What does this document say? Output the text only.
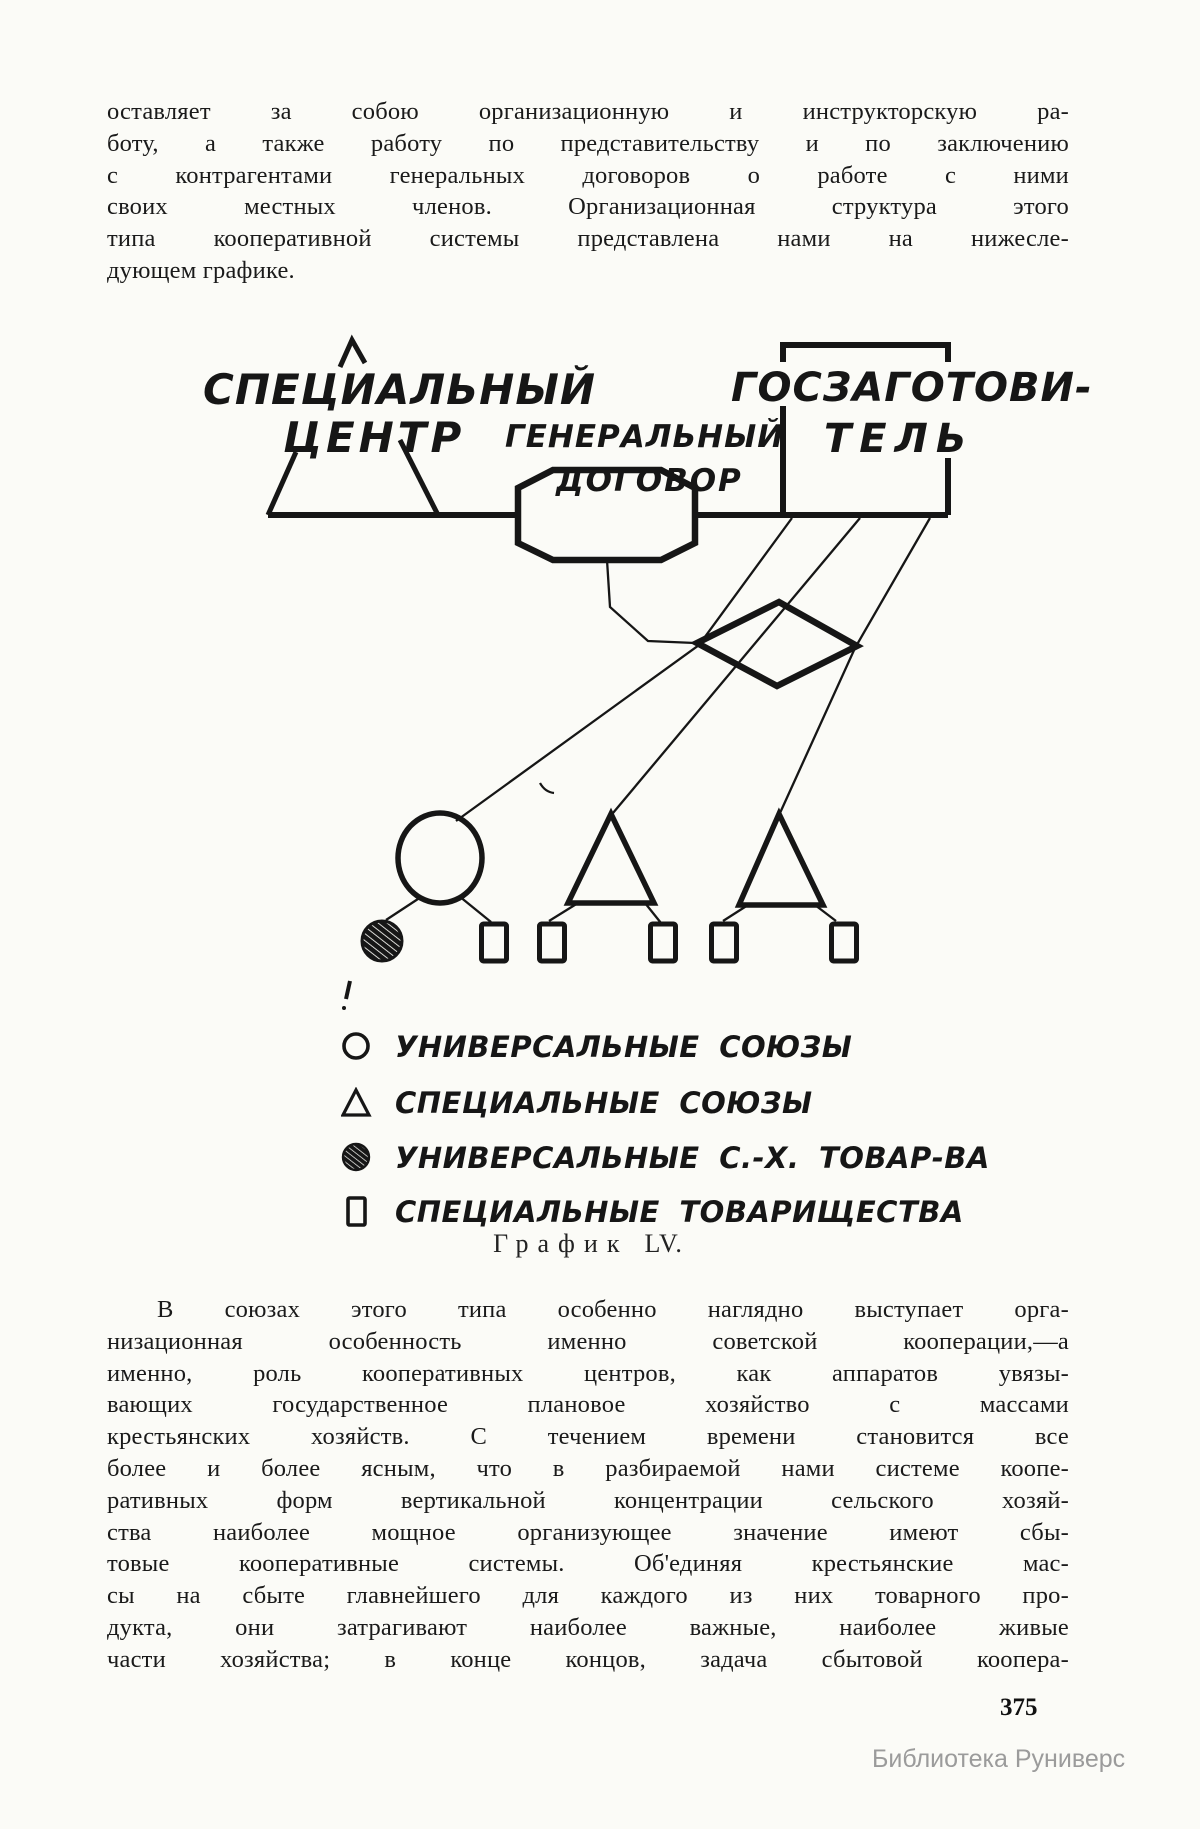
оставляет за собою организационную и инструкторскую ра-
боту, а также работу по представительству и по заключению
с контрагентами генеральных договоров о работе с ними
своих местных членов. Организационная структура этого
типа кооперативной системы представлена нами на нижесле-
дующем графике.
СПЕЦИАЛЬНЫЙ
ЦЕНТР ГЕНЕРАЛЬНЫЙ
ДОГОВОР
ГОСЗАГОТОВИ-
ТЕЛЬ
УНИВЕРСАЛЬНЫЕ СОЮЗЫ
СПЕЦИАЛЬНЫЕ СОЮЗЫ
УНИВЕРСАЛЬНЫЕ С.-Х. ТОВАР-ВА
СПЕЦИАЛЬНЫЕ ТОВАРИЩЕСТВА
График LV.
В союзах этого типа особенно наглядно выступает орга-
низационная особенность именно советской кооперации,—а
именно, роль кооперативных центров, как аппаратов увязы-
вающих государственное плановое хозяйство с массами
крестьянских хозяйств. С течением времени становится все
более и более ясным, что в разбираемой нами системе коопе-
ративных форм вертикальной концентрации сельского хозяй-
ства наиболее мощное организующее значение имеют сбы-
товые кооперативные системы. Об'единяя крестьянские мас-
сы на сбыте главнейшего для каждого из них товарного про-
дукта, они затрагивают наиболее важные, наиболее живые
части хозяйства; в конце концов, задача сбытовой коопера-
375
Библиотека Руниверс
